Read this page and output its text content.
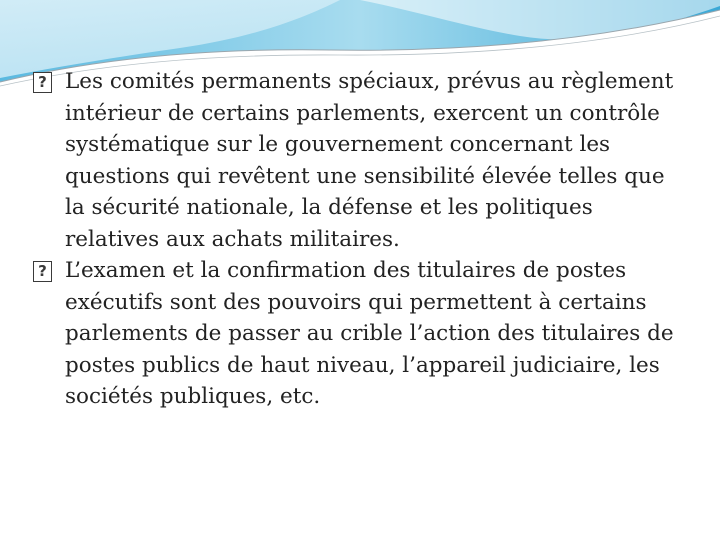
? Les comités permanents spéciaux, prévus au règlement intérieur de certains parlements, exercent un contrôle systématique sur le gouvernement concernant les questions qui revêtent une sensibilité élevée telles que la sécurité nationale, la défense et les politiques relatives aux achats militaires.

? L’examen et la confirmation des titulaires de postes exécutifs sont des pouvoirs qui permettent à certains parlements de passer au crible l’action des titulaires de postes publics de haut niveau, l’appareil judiciaire, les sociétés publiques, etc.
